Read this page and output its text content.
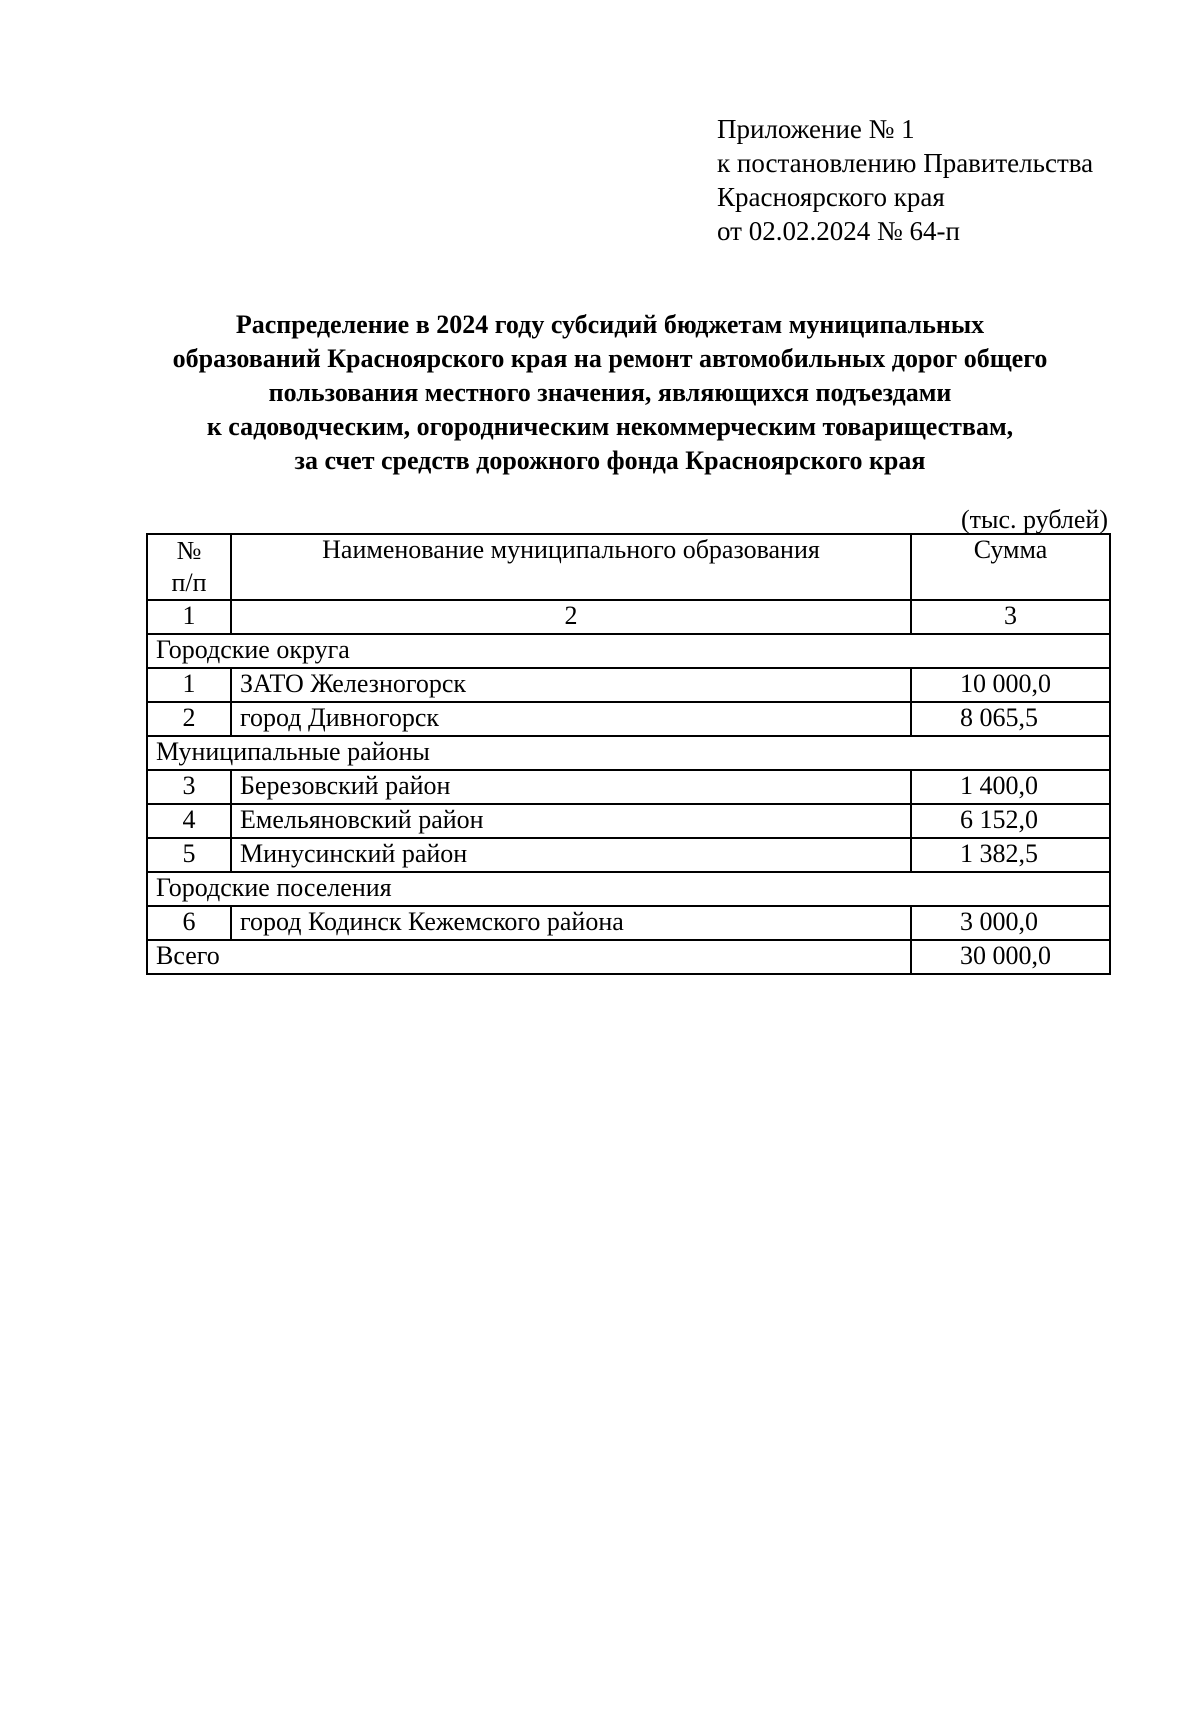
Приложение № 1
к постановлению Правительства
Красноярского края
от 02.02.2024 № 64-п
Распределение в 2024 году субсидий бюджетам муниципальных
образований Красноярского края на ремонт автомобильных дорог общего
пользования местного значения, являющихся подъездами
к садоводческим, огородническим некоммерческим товариществам,
за счет средств дорожного фонда Красноярского края
(тыс. рублей)
№
п/п	Наименование муниципального образования	Сумма
1	2	3
Городские округа		
1	ЗАТО Железногорск	10 000,0
2	город Дивногорск	8 065,5
Муниципальные районы		
3	Березовский район	1 400,0
4	Емельяновский район	6 152,0
5	Минусинский район	1 382,5
Городские поселения		
6	город Кодинск Кежемского района	3 000,0
Всего		30 000,0
